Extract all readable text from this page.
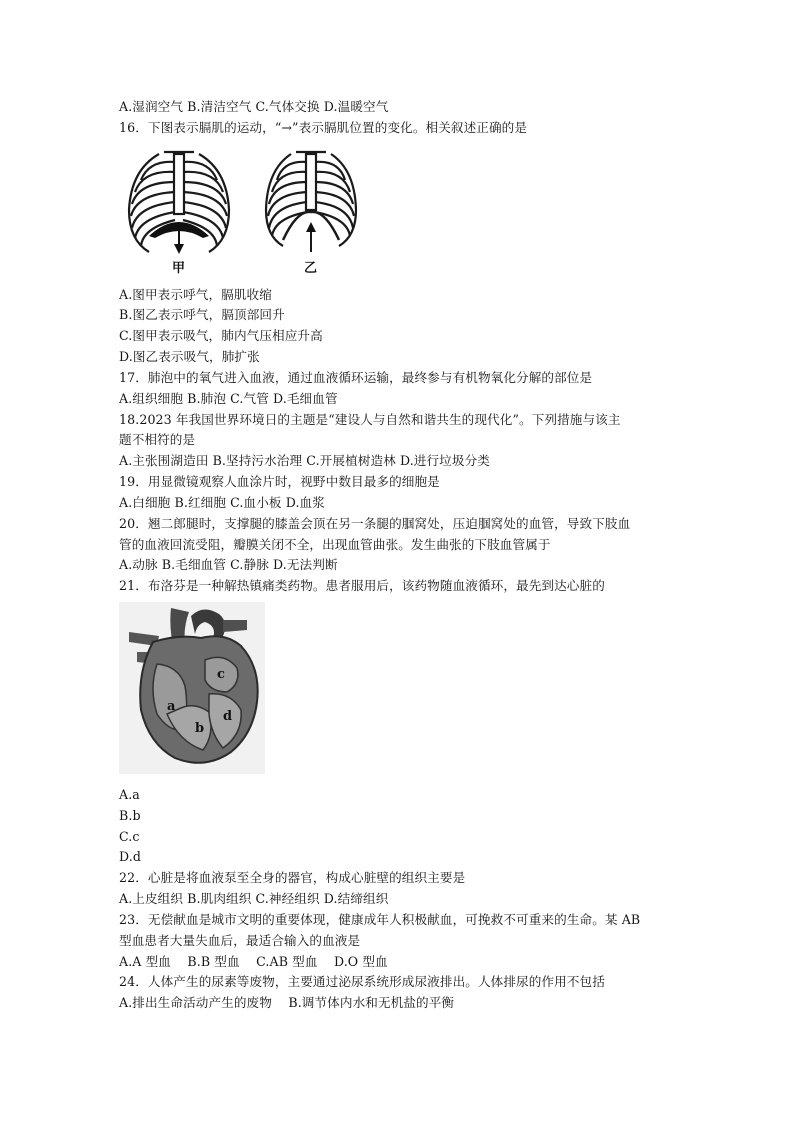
A.湿润空气 B.清洁空气 C.气体交换 D.温暖空气
16．下图表示膈肌的运动，“→”表示膈肌位置的变化。相关叙述正确的是
甲	乙
A.图甲表示呼气，膈肌收缩
B.图乙表示呼气，膈顶部回升
C.图甲表示吸气，肺内气压相应升高
D.图乙表示吸气，肺扩张
17．肺泡中的氧气进入血液，通过血液循环运输，最终参与有机物氧化分解的部位是
A.组织细胞 B.肺泡 C.气管 D.毛细血管
18.2023 年我国世界环境日的主题是“建设人与自然和谐共生的现代化”。下列措施与该主
题不相符的是
A.主张围湖造田 B.坚持污水治理 C.开展植树造林 D.进行垃圾分类
19．用显微镜观察人血涂片时，视野中数目最多的细胞是
A.白细胞 B.红细胞 C.血小板 D.血浆
20．翘二郎腿时，支撑腿的膝盖会顶在另一条腿的腘窝处，压迫腘窝处的血管，导致下肢血
管的血液回流受阻，瓣膜关闭不全，出现血管曲张。发生曲张的下肢血管属于
A.动脉 B.毛细血管 C.静脉 D.无法判断
21．布洛芬是一种解热镇痛类药物。患者服用后，该药物随血液循环，最先到达心脏的
a
b
c
d
A.a
B.b
C.c
D.d
22．心脏是将血液泵至全身的器官，构成心脏壁的组织主要是
A.上皮组织 B.肌肉组织 C.神经组织 D.结缔组织
23．无偿献血是城市文明的重要体现，健康成年人积极献血，可挽救不可重来的生命。某 AB
型血患者大量失血后，最适合输入的血液是
A.A 型血    B.B 型血    C.AB 型血    D.O 型血
24．人体产生的尿素等废物，主要通过泌尿系统形成尿液排出。人体排尿的作用不包括
A.排出生命活动产生的废物    B.调节体内水和无机盐的平衡
